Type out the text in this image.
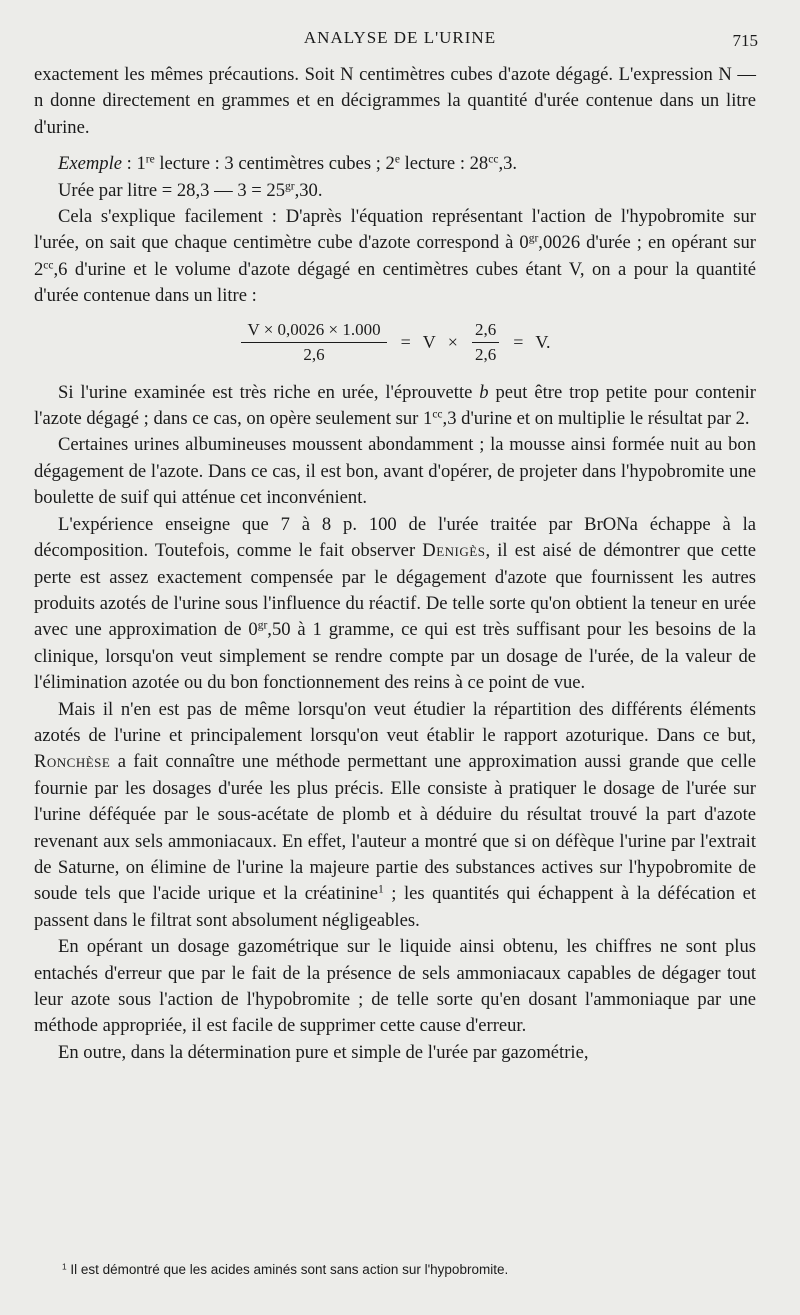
ANALYSE DE L'URINE	715

exactement les mêmes précautions. Soit N centimètres cubes d'azote dégagé. L'expression N — n donne directement en grammes et en décigrammes la quantité d'urée contenue dans un litre d'urine.

Exemple : 1re lecture : 3 centimètres cubes ; 2e lecture : $28^{cc},3$.

Urée par litre = 28,3 — $3 = 25^{gr},30$.

Cela s'explique facilement : D'après l'équation représentant l'action de l'hypobromite sur l'urée, on sait que chaque centimètre cube d'azote correspond à $0^{gr},0026$ d'urée ; en opérant sur $2^{cc},6$ d'urine et le volume d'azote dégagé en centimètres cubes étant V, on a pour la quantité d'urée contenue dans un litre :

$\frac{V \times 0,0026 \times 1.000}{2,6} = V \times \frac{2,6}{2,6} = V$.

Si l'urine examinée est très riche en urée, l'éprouvette b peut être trop petite pour contenir l'azote dégagé ; dans ce cas, on opère seulement sur $1^{cc},3$ d'urine et on multiplie le résultat par 2.

Certaines urines albumineuses moussent abondamment ; la mousse ainsi formée nuit au bon dégagement de l'azote. Dans ce cas, il est bon, avant d'opérer, de projeter dans l'hypobromite une boulette de suif qui atténue cet inconvénient.

L'expérience enseigne que 7 à 8 p. 100 de l'urée traitée par BrONa échappe à la décomposition. Toutefois, comme le fait observer Denigès, il est aisé de démontrer que cette perte est assez exactement compensée par le dégagement d'azote que fournissent les autres produits azotés de l'urine sous l'influence du réactif. De telle sorte qu'on obtient la teneur en urée avec une approximation de $0^{gr},50$ à 1 gramme, ce qui est très suffisant pour les besoins de la clinique, lorsqu'on veut simplement se rendre compte par un dosage de l'urée, de la valeur de l'élimination azotée ou du bon fonctionnement des reins à ce point de vue.

Mais il n'en est pas de même lorsqu'on veut étudier la répartition des différents éléments azotés de l'urine et principalement lorsqu'on veut établir le rapport azoturique. Dans ce but, Ronchèse a fait connaître une méthode permettant une approximation aussi grande que celle fournie par les dosages d'urée les plus précis. Elle consiste à pratiquer le dosage de l'urée sur l'urine déféquée par le sous-acétate de plomb et à déduire du résultat trouvé la part d'azote revenant aux sels ammoniacaux. En effet, l'auteur a montré que si on défèque l'urine par l'extrait de Saturne, on élimine de l'urine la majeure partie des substances actives sur l'hypobromite de soude tels que l'acide urique et la créatinine$^1$ ; les quantités qui échappent à la défécation et passent dans le filtrat sont absolument négligeables.

En opérant un dosage gazométrique sur le liquide ainsi obtenu, les chiffres ne sont plus entachés d'erreur que par le fait de la présence de sels ammoniacaux capables de dégager tout leur azote sous l'action de l'hypobromite ; de telle sorte qu'en dosant l'ammoniaque par une méthode appropriée, il est facile de supprimer cette cause d'erreur.

En outre, dans la détermination pure et simple de l'urée par gazométrie,

$^1$ Il est démontré que les acides aminés sont sans action sur l'hypobromite.
